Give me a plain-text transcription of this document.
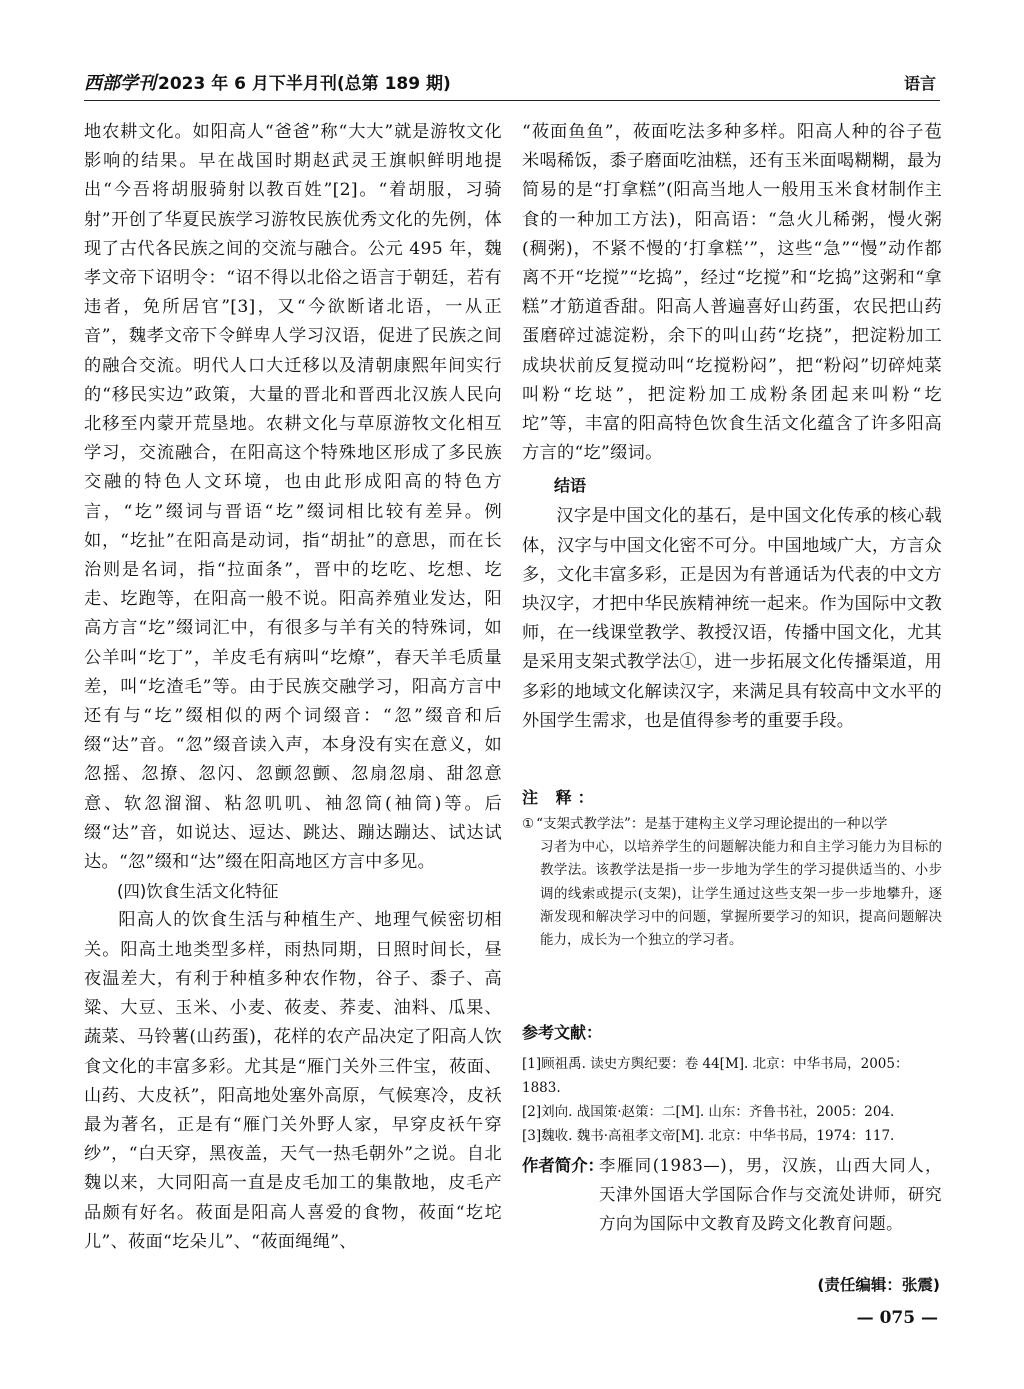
西部学刊 2023 年 6 月下半月刊(总第 189 期)	语言

地农耕文化。如阳高人“爸爸”称“大大”就是游牧文化影响的结果。早在战国时期赵武灵王旗帜鲜明地提出“今吾将胡服骑射以教百姓”[2]。“着胡服，习骑射”开创了华夏民族学习游牧民族优秀文化的先例，体现了古代各民族之间的交流与融合。公元 495 年，魏孝文帝下诏明令：“诏不得以北俗之语言于朝廷，若有违者，免所居官”[3]，又“今欲断诸北语，一从正音”，魏孝文帝下令鲜卑人学习汉语，促进了民族之间的融合交流。明代人口大迁移以及清朝康熙年间实行的“移民实边”政策，大量的晋北和晋西北汉族人民向北移至内蒙开荒垦地。农耕文化与草原游牧文化相互学习，交流融合，在阳高这个特殊地区形成了多民族交融的特色人文环境，也由此形成阳高的特色方言，“圪”缀词与晋语“圪”缀词相比较有差异。例如，“圪扯”在阳高是动词，指“胡扯”的意思，而在长治则是名词，指“拉面条”，晋中的圪吃、圪想、圪走、圪跑等，在阳高一般不说。阳高养殖业发达，阳高方言“圪”缀词汇中，有很多与羊有关的特殊词，如公羊叫“圪丁”，羊皮毛有病叫“圪燎”，春天羊毛质量差，叫“圪渣毛”等。由于民族交融学习，阳高方言中还有与“圪”缀相似的两个词缀音：“忽”缀音和后缀“达”音。“忽”缀音读入声，本身没有实在意义，如忽摇、忽撩、忽闪、忽颤忽颤、忽扇忽扇、甜忽意意、软忽溜溜、粘忽叽叽、袖忽筒(袖筒)等。后缀“达”音，如说达、逗达、跳达、蹦达蹦达、试达试达。“忽”缀和“达”缀在阳高地区方言中多见。

(四)饮食生活文化特征

阳高人的饮食生活与种植生产、地理气候密切相关。阳高土地类型多样，雨热同期，日照时间长，昼夜温差大，有利于种植多种农作物，谷子、黍子、高粱、大豆、玉米、小麦、莜麦、荞麦、油料、瓜果、蔬菜、马铃薯(山药蛋)，花样的农产品决定了阳高人饮食文化的丰富多彩。尤其是“雁门关外三件宝，莜面、山药、大皮袄”，阳高地处塞外高原，气候寒冷，皮袄最为著名，正是有“雁门关外野人家，早穿皮袄午穿纱”，“白天穿，黑夜盖，天气一热毛朝外”之说。自北魏以来，大同阳高一直是皮毛加工的集散地，皮毛产品颇有好名。莜面是阳高人喜爱的食物，莜面“圪坨儿”、莜面“圪朵儿”、“莜面绳绳”、

“莜面鱼鱼”，莜面吃法多种多样。阳高人种的谷子苞米喝稀饭，黍子磨面吃油糕，还有玉米面喝糊糊，最为简易的是“打拿糕”(阳高当地人一般用玉米食材制作主食的一种加工方法)，阳高语：“急火儿稀粥，慢火粥(稠粥)，不紧不慢的‘打拿糕’”，这些“急”“慢”动作都离不开“圪搅”“圪捣”，经过“圪搅”和“圪捣”这粥和“拿糕”才筋道香甜。阳高人普遍喜好山药蛋，农民把山药蛋磨碎过滤淀粉，余下的叫山药“圪挠”，把淀粉加工成块状前反复搅动叫“圪搅粉闷”，把“粉闷”切碎炖菜叫粉“圪垯”，把淀粉加工成粉条团起来叫粉“圪坨”等，丰富的阳高特色饮食生活文化蕴含了许多阳高方言的“圪”缀词。

结语

汉字是中国文化的基石，是中国文化传承的核心载体，汉字与中国文化密不可分。中国地域广大，方言众多，文化丰富多彩，正是因为有普通话为代表的中文方块汉字，才把中华民族精神统一起来。作为国际中文教师，在一线课堂教学、教授汉语，传播中国文化，尤其是采用支架式教学法①，进一步拓展文化传播渠道，用多彩的地域文化解读汉字，来满足具有较高中文水平的外国学生需求，也是值得参考的重要手段。

注 释：

① “支架式教学法”：是基于建构主义学习理论提出的一种以学
习者为中心，以培养学生的问题解决能力和自主学习能力为目标的教学法。该教学法是指一步一步地为学生的学习提供适当的、小步调的线索或提示(支架)，让学生通过这些支架一步一步地攀升，逐渐发现和解决学习中的问题，掌握所要学习的知识，提高问题解决能力，成长为一个独立的学习者。

参考文献：

[1]顾祖禹. 读史方舆纪要：卷 44[M]. 北京：中华书局，2005：1883.

[2]刘向. 战国策·赵策：二[M]. 山东：齐鲁书社，2005：204.

[3]魏收. 魏书·高祖孝文帝[M]. 北京：中华书局，1974：117.

作者简介：
李雁同(1983—)，男，汉族，山西大同人，天津外国语大学国际合作与交流处讲师，研究方向为国际中文教育及跨文化教育问题。
(责任编辑：张震)
— 075 —
